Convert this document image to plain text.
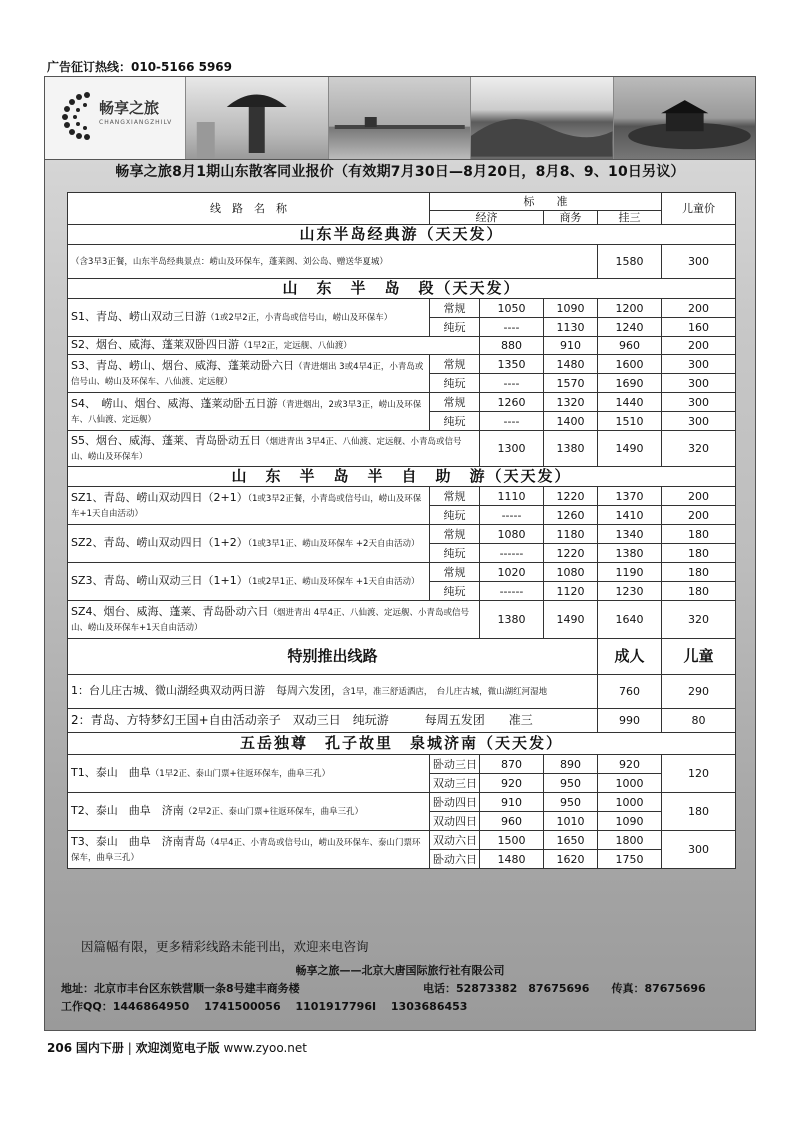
广告征订热线：010-5166 5969
畅享之旅
CHANGXIANGZHILV
畅享之旅8月1期山东散客同业报价（有效期7月30日—8月20日，8月8、9、10日另议）
线　路　名　称	标　　准				儿童价
	经济		商务	挂三	
山东半岛经典游（天天发）					
（含3早3正餐，山东半岛经典景点：崂山及环保车，蓬莱阁、刘公岛、赠送华夏城）				1580	300
山　东　半　岛　段（天天发）					
S1、青岛、崂山双动三日游（1或2早2正，小青岛或信号山，崂山及环保车）	常规	1050	1090	1200	200
	纯玩	----	1130	1240	160
S2、烟台、威海、蓬莱双卧四日游（1早2正，定远舰、八仙渡）		880	910	960	200
S3、青岛、崂山、烟台、威海、蓬莱动卧六日（青进烟出 3或4早4正，小青岛或信号山、崂山及环保车、八仙渡、定远舰）	常规	1350	1480	1600	300
	纯玩	----	1570	1690	300
S4、　崂山、烟台、威海、蓬莱动卧五日游（青进烟出，2或3早3正，崂山及环保车、八仙渡、定远舰）	常规	1260	1320	1440	300
	纯玩	----	1400	1510	300
S5、烟台、威海、蓬莱、青岛卧动五日（烟进青出 3早4正、八仙渡、定远舰、小青岛或信号山、崂山及环保车）		1300	1380	1490	320
山　东　半　岛　半　自　助　游（天天发）					
SZ1、青岛、崂山双动四日（2+1）（1或3早2正餐，小青岛或信号山，崂山及环保车+1天自由活动）	常规	1110	1220	1370	200
	纯玩	-----	1260	1410	200
SZ2、青岛、崂山双动四日（1+2）（1或3早1正、崂山及环保车 +2天自由活动）	常规	1080	1180	1340	180
	纯玩	------	1220	1380	180
SZ3、青岛、崂山双动三日（1+1）（1或2早1正、崂山及环保车 +1天自由活动）	常规	1020	1080	1190	180
	纯玩	------	1120	1230	180
SZ4、烟台、威海、蓬莱、青岛卧动六日（烟进青出 4早4正、八仙渡、定远舰、小青岛或信号山、崂山及环保车+1天自由活动）		1380	1490	1640	320
特别推出线路				成人	儿童
1：台儿庄古城、微山湖经典双动两日游　每周六发团，含1早，准三舒适酒店，　台儿庄古城，微山湖红河湿地				760	290
2：青岛、方特梦幻王国+自由活动亲子　双动三日　纯玩游　　　每周五发团　　准三				990	80
五岳独尊　孔子故里　泉城济南（天天发）					
T1、泰山　曲阜（1早2正、泰山门票+往返环保车，曲阜三孔）	卧动三日	870	890	920	120
	双动三日	920	950	1000	
T2、泰山　曲阜　济南（2早2正、泰山门票+往返环保车，曲阜三孔）	卧动四日	910	950	1000	180
	双动四日	960	1010	1090	
T3、泰山　曲阜　济南青岛（4早4正、小青岛或信号山，崂山及环保车、泰山门票环保车，曲阜三孔）	双动六日	1500	1650	1800	300
	卧动六日	1480	1620	1750	
因篇幅有限，更多精彩线路未能刊出，欢迎来电咨询
畅享之旅——北京大唐国际旅行社有限公司
地址：北京市丰台区东铁营顺一条8号建丰商务楼	电话：52873382　87675696　　传真：87675696
工作QQ：1446864950　 1741500056　 1101917796I　 1303686453
206 国内下册 | 欢迎浏览电子版 www.zyoo.net
